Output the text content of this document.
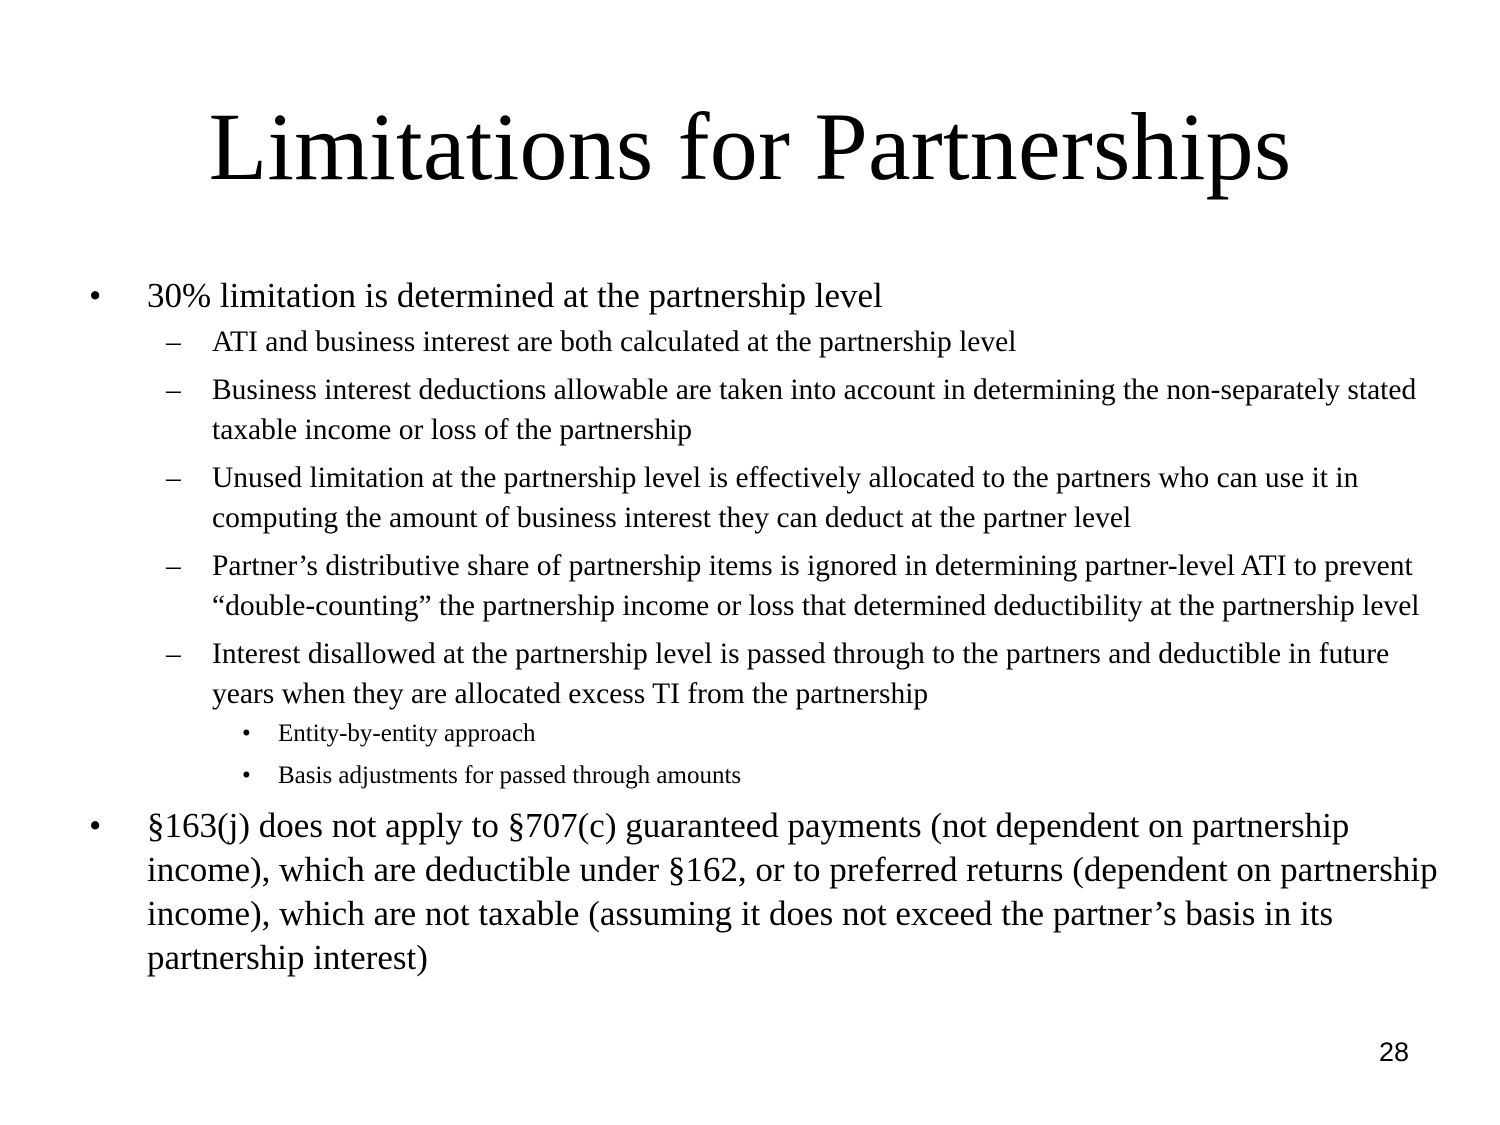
Limitations for Partnerships

• 30% limitation is determined at the partnership level

– ATI and business interest are both calculated at the partnership level

– Business interest deductions allowable are taken into account in determining the non-separately stated taxable income or loss of the partnership

– Unused limitation at the partnership level is effectively allocated to the partners who can use it in computing the amount of business interest they can deduct at the partner level

– Partner’s distributive share of partnership items is ignored in determining partner-level ATI to prevent “double-counting” the partnership income or loss that determined deductibility at the partnership level

– Interest disallowed at the partnership level is passed through to the partners and deductible in future years when they are allocated excess TI from the partnership

• Entity-by-entity approach

• Basis adjustments for passed through amounts

• §163(j) does not apply to §707(c) guaranteed payments (not dependent on partnership income), which are deductible under §162, or to preferred returns (dependent on partnership income), which are not taxable (assuming it does not exceed the partner’s basis in its partnership interest)

28
